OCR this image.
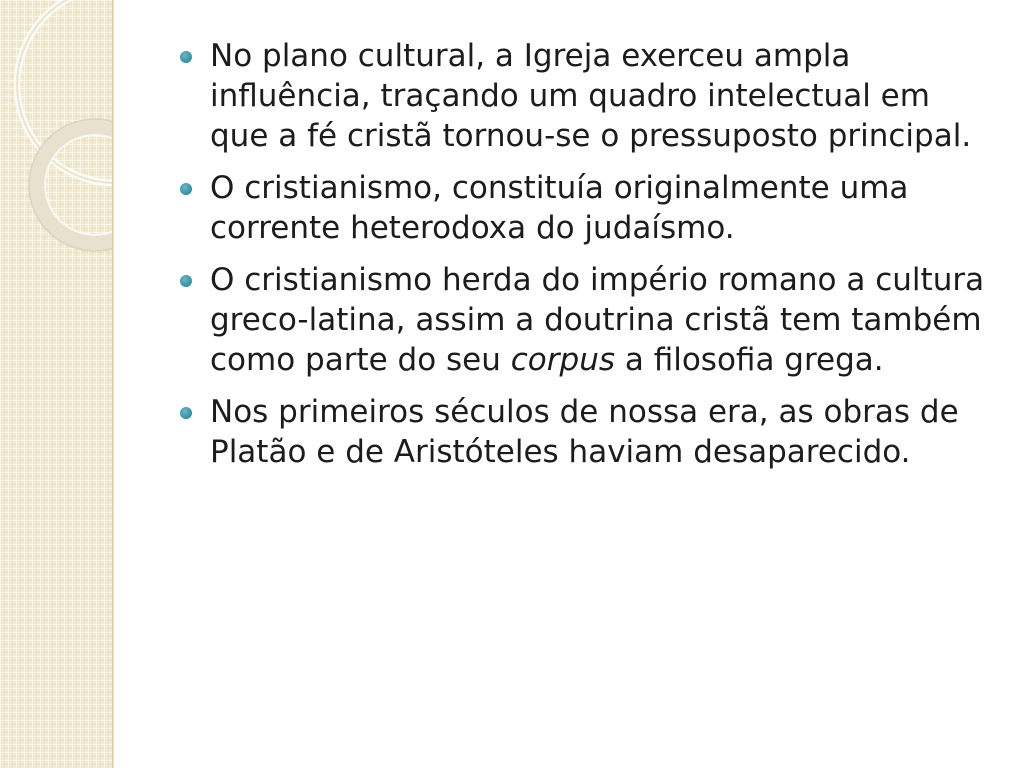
No plano cultural, a Igreja exerceu ampla influência, traçando um quadro intelectual em que a fé cristã tornou-se o pressuposto principal.
O cristianismo, constituía originalmente uma corrente heterodoxa do judaísmo.
O cristianismo herda do império romano a cultura greco-latina, assim a doutrina cristã tem também como parte do seu corpus a filosofia grega.
Nos primeiros séculos de nossa era, as obras de Platão e de Aristóteles haviam desaparecido.
